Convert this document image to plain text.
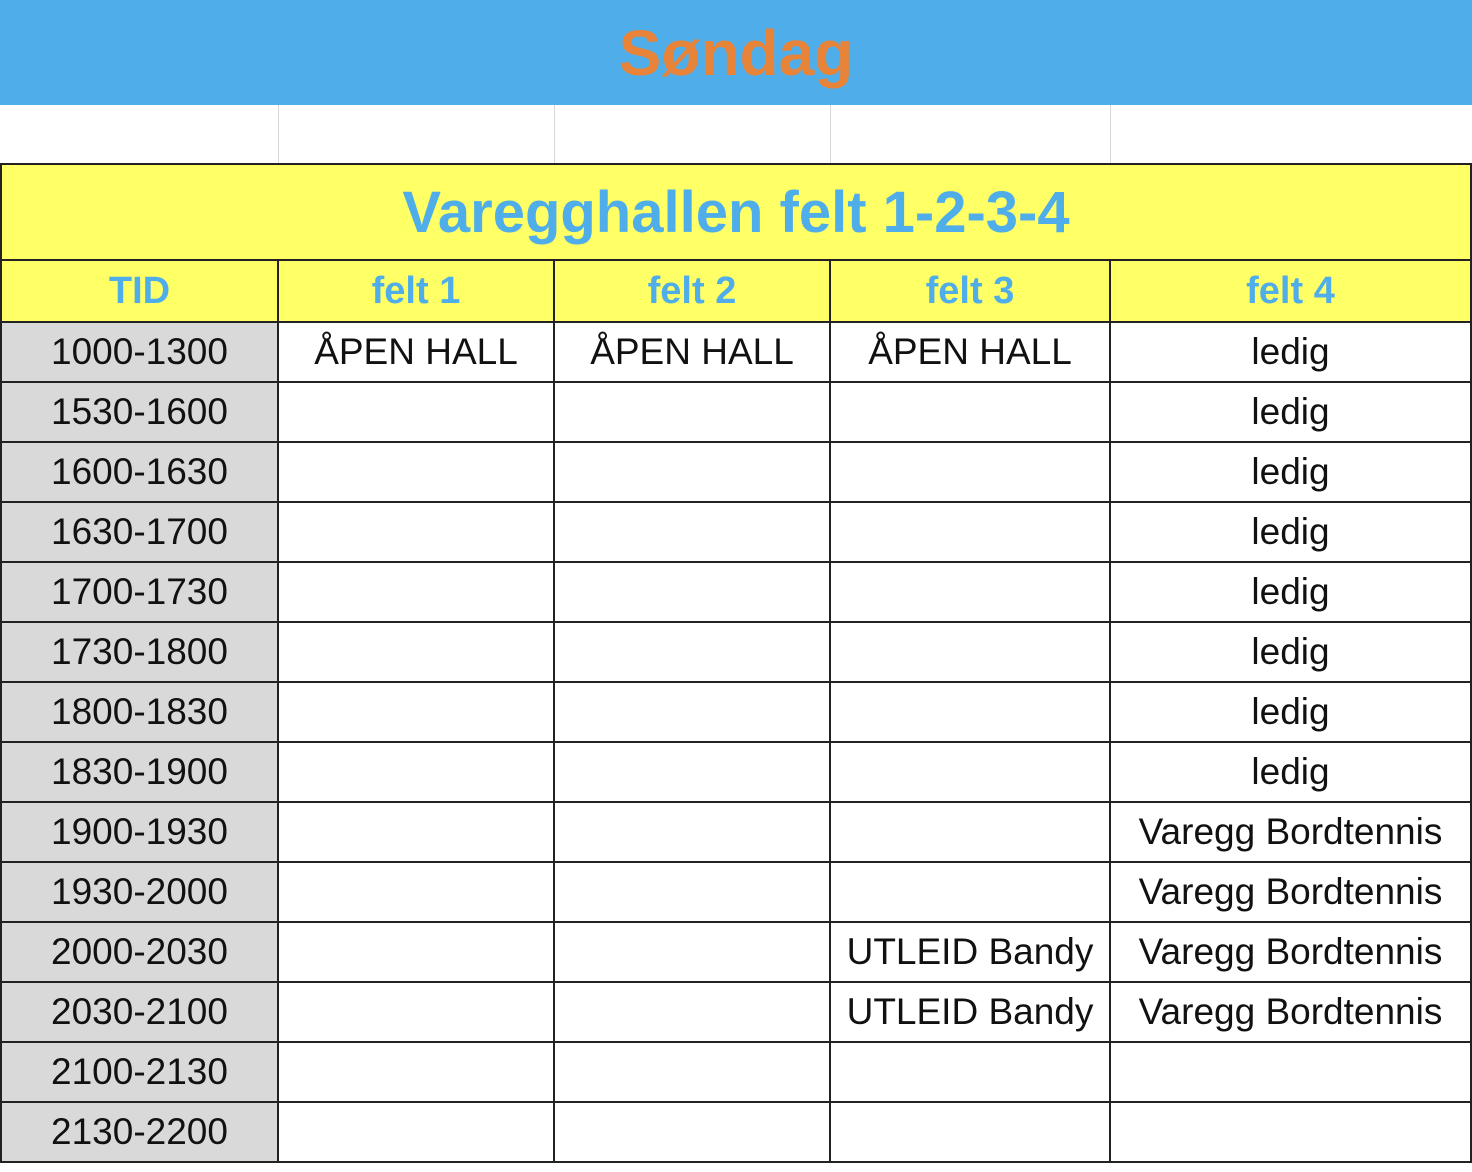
Søndag

Varegghallen felt 1-2-3-4				
TID	felt 1	felt 2	felt 3	felt 4
1000-1300	ÅPEN HALL	ÅPEN HALL	ÅPEN HALL	ledig
1530-1600				ledig
1600-1630				ledig
1630-1700				ledig
1700-1730				ledig
1730-1800				ledig
1800-1830				ledig
1830-1900				ledig
1900-1930				Varegg Bordtennis
1930-2000				Varegg Bordtennis
2000-2030			UTLEID Bandy	Varegg Bordtennis
2030-2100			UTLEID Bandy	Varegg Bordtennis
2100-2130				
2130-2200				
